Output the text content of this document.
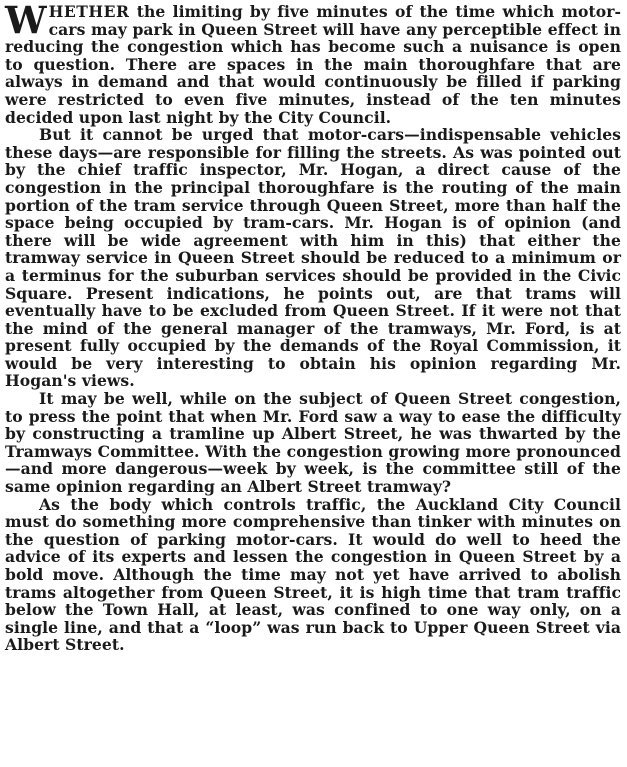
WHETHER the limiting by five minutes of the time which motor-cars may park in Queen Street will have any perceptible effect in reducing the congestion which has become such a nuisance is open to question. There are spaces in the main thoroughfare that are always in demand and that would continuously be filled if parking were restricted to even five minutes, instead of the ten minutes decided upon last night by the City Council.

But it cannot be urged that motor-cars—indispensable vehicles these days—are responsible for filling the streets. As was pointed out by the chief traffic inspector, Mr. Hogan, a direct cause of the congestion in the principal thoroughfare is the routing of the main portion of the tram service through Queen Street, more than half the space being occupied by tram-cars. Mr. Hogan is of opinion (and there will be wide agreement with him in this) that either the tramway service in Queen Street should be reduced to a minimum or a terminus for the suburban services should be provided in the Civic Square. Present indications, he points out, are that trams will eventually have to be excluded from Queen Street. If it were not that the mind of the general manager of the tramways, Mr. Ford, is at present fully occupied by the demands of the Royal Commission, it would be very interesting to obtain his opinion regarding Mr. Hogan's views.

It may be well, while on the subject of Queen Street congestion, to press the point that when Mr. Ford saw a way to ease the difficulty by constructing a tramline up Albert Street, he was thwarted by the Tramways Committee. With the congestion growing more pronounced—and more dangerous—week by week, is the committee still of the same opinion regarding an Albert Street tramway?

As the body which controls traffic, the Auckland City Council must do something more comprehensive than tinker with minutes on the question of parking motor-cars. It would do well to heed the advice of its experts and lessen the congestion in Queen Street by a bold move. Although the time may not yet have arrived to abolish trams altogether from Queen Street, it is high time that tram traffic below the Town Hall, at least, was confined to one way only, on a single line, and that a “loop” was run back to Upper Queen Street via Albert Street.
